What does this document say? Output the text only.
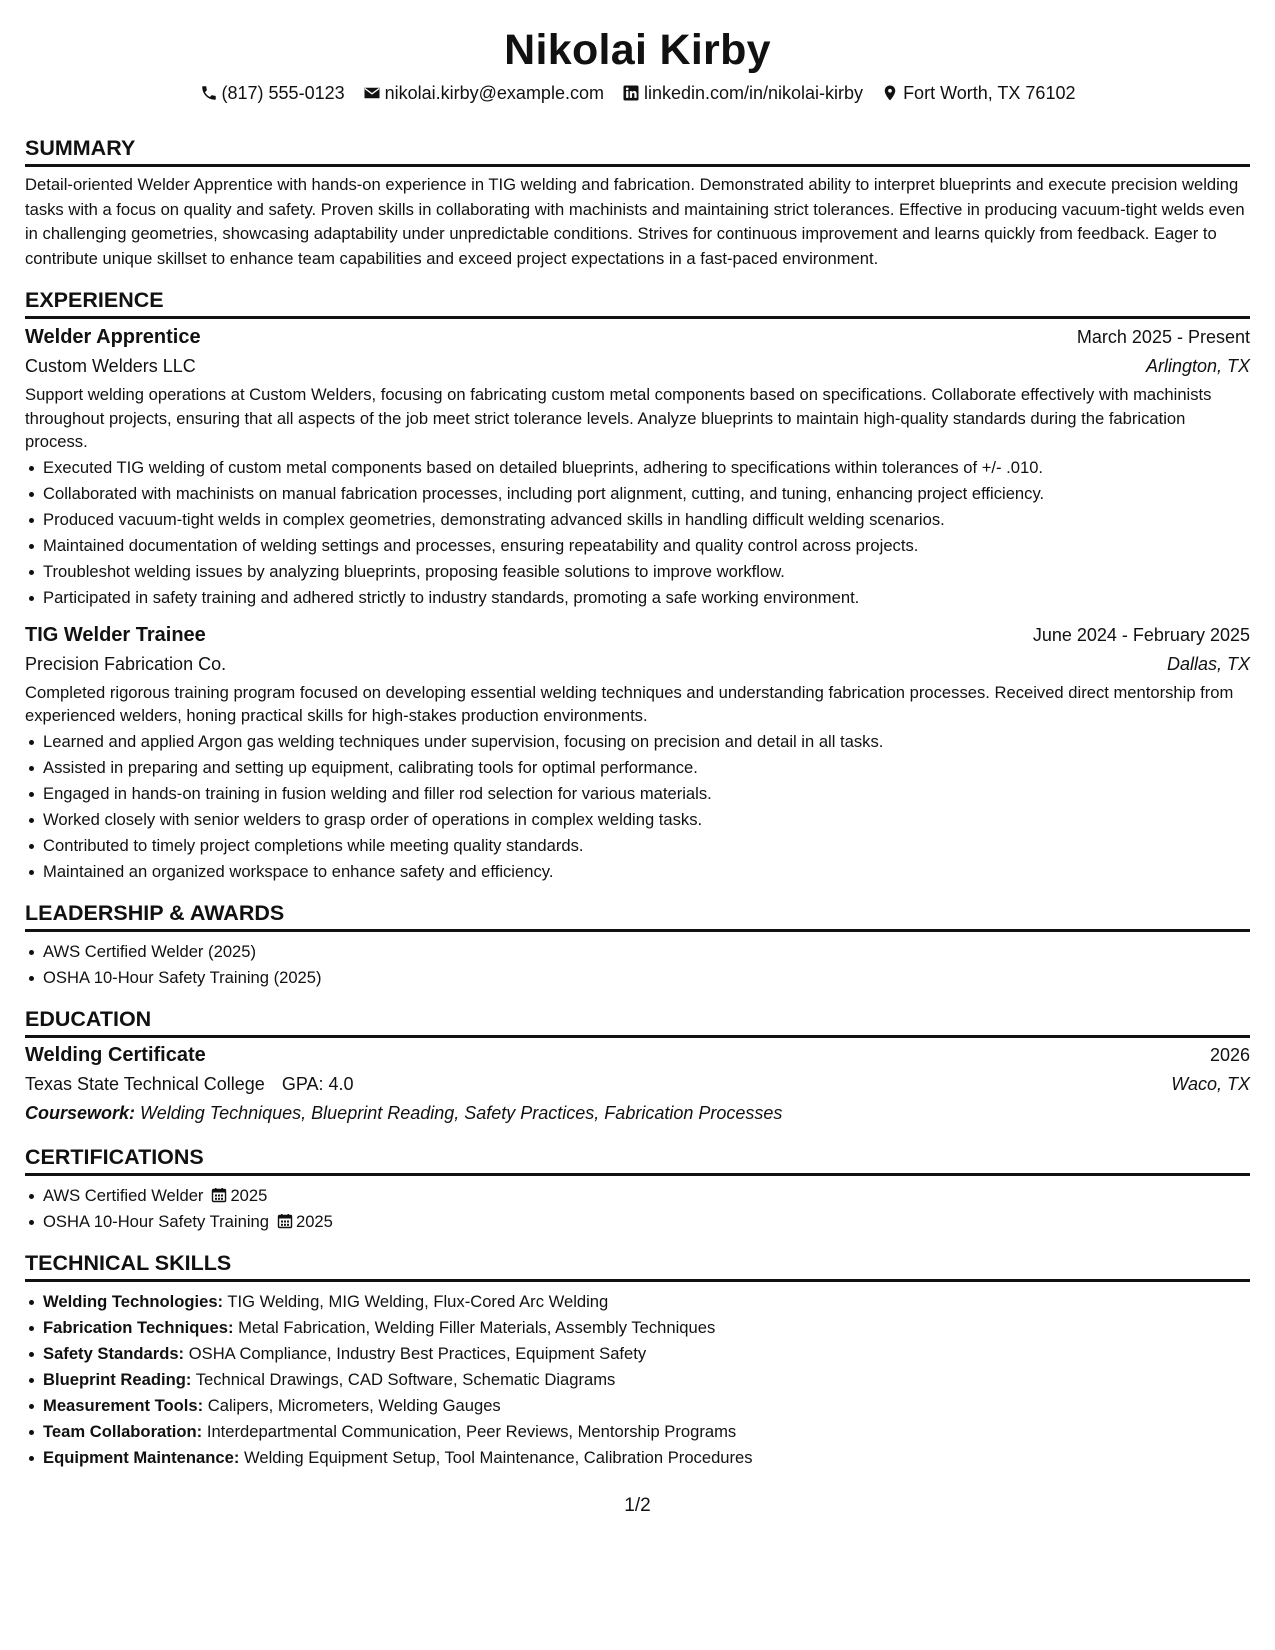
Nikolai Kirby
(817) 555-0123 nikolai.kirby@example.com linkedin.com/in/nikolai-kirby Fort Worth, TX 76102
SUMMARY
Detail-oriented Welder Apprentice with hands-on experience in TIG welding and fabrication. Demonstrated ability to interpret blueprints and execute precision welding tasks with a focus on quality and safety. Proven skills in collaborating with machinists and maintaining strict tolerances. Effective in producing vacuum-tight welds even in challenging geometries, showcasing adaptability under unpredictable conditions. Strives for continuous improvement and learns quickly from feedback. Eager to contribute unique skillset to enhance team capabilities and exceed project expectations in a fast-paced environment.
EXPERIENCE
Welder Apprentice	March 2025 - Present
Custom Welders LLC	Arlington, TX
Support welding operations at Custom Welders, focusing on fabricating custom metal components based on specifications. Collaborate effectively with machinists throughout projects, ensuring that all aspects of the job meet strict tolerance levels. Analyze blueprints to maintain high-quality standards during the fabrication process.
Executed TIG welding of custom metal components based on detailed blueprints, adhering to specifications within tolerances of +/- .010.
Collaborated with machinists on manual fabrication processes, including port alignment, cutting, and tuning, enhancing project efficiency.
Produced vacuum-tight welds in complex geometries, demonstrating advanced skills in handling difficult welding scenarios.
Maintained documentation of welding settings and processes, ensuring repeatability and quality control across projects.
Troubleshot welding issues by analyzing blueprints, proposing feasible solutions to improve workflow.
Participated in safety training and adhered strictly to industry standards, promoting a safe working environment.
TIG Welder Trainee	June 2024 - February 2025
Precision Fabrication Co.	Dallas, TX
Completed rigorous training program focused on developing essential welding techniques and understanding fabrication processes. Received direct mentorship from experienced welders, honing practical skills for high-stakes production environments.
Learned and applied Argon gas welding techniques under supervision, focusing on precision and detail in all tasks.
Assisted in preparing and setting up equipment, calibrating tools for optimal performance.
Engaged in hands-on training in fusion welding and filler rod selection for various materials.
Worked closely with senior welders to grasp order of operations in complex welding tasks.
Contributed to timely project completions while meeting quality standards.
Maintained an organized workspace to enhance safety and efficiency.
LEADERSHIP & AWARDS
AWS Certified Welder (2025)
OSHA 10-Hour Safety Training (2025)
EDUCATION
Welding Certificate	2026
Texas State Technical College GPA: 4.0	Waco, TX
Coursework: Welding Techniques, Blueprint Reading, Safety Practices, Fabrication Processes
CERTIFICATIONS
AWS Certified Welder 2025
OSHA 10-Hour Safety Training 2025
TECHNICAL SKILLS
Welding Technologies: TIG Welding, MIG Welding, Flux-Cored Arc Welding
Fabrication Techniques: Metal Fabrication, Welding Filler Materials, Assembly Techniques
Safety Standards: OSHA Compliance, Industry Best Practices, Equipment Safety
Blueprint Reading: Technical Drawings, CAD Software, Schematic Diagrams
Measurement Tools: Calipers, Micrometers, Welding Gauges
Team Collaboration: Interdepartmental Communication, Peer Reviews, Mentorship Programs
Equipment Maintenance: Welding Equipment Setup, Tool Maintenance, Calibration Procedures
1/2
